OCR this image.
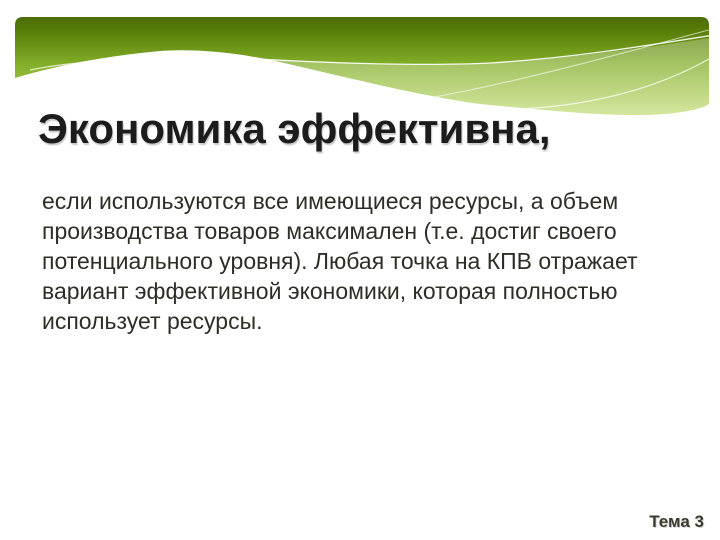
Экономика эффективна,
если используются все имеющиеся ресурсы, а объем
производства товаров максимален (т.е. достиг своего
потенциального уровня). Любая точка на КПВ отражает
вариант эффективной экономики, которая полностью
использует ресурсы.
Тема 3
